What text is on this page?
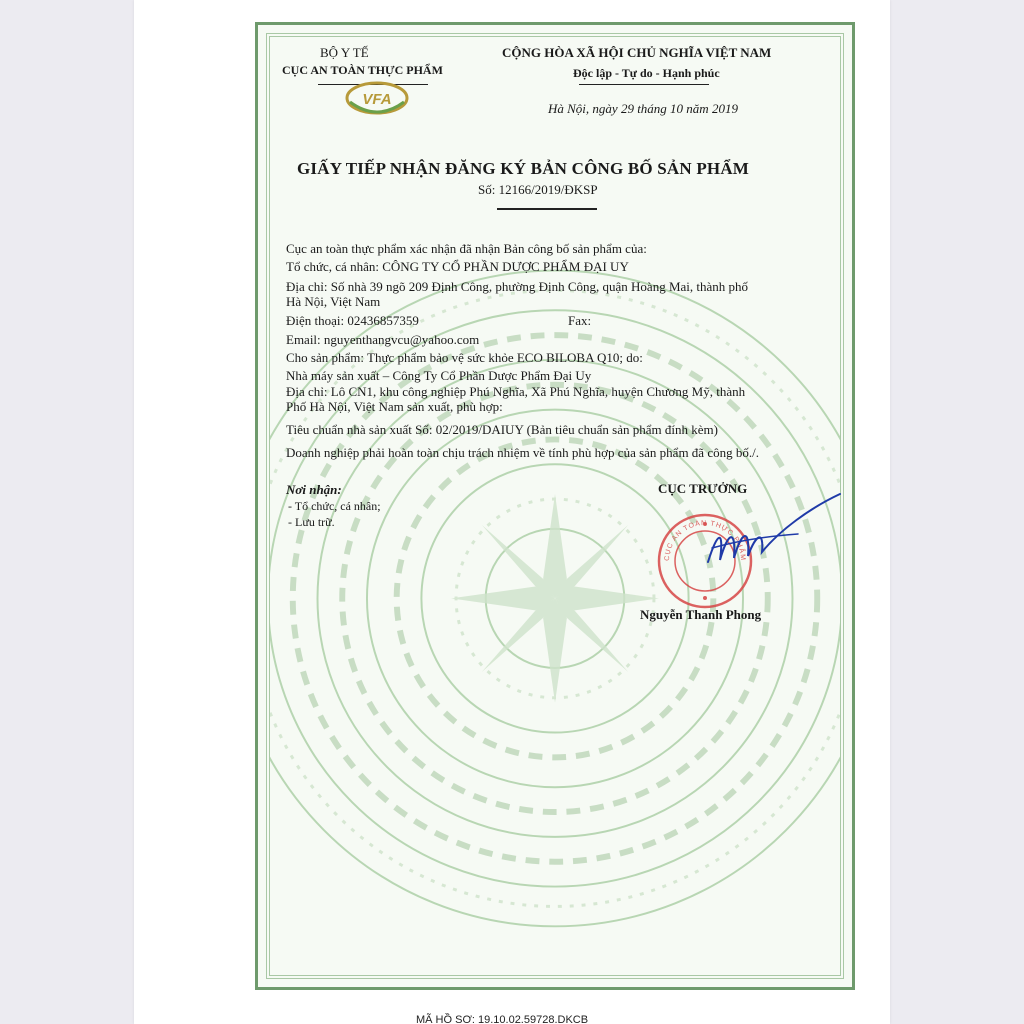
BỘ Y TẾ
CỤC AN TOÀN THỰC PHẨM
CỘNG HÒA XÃ HỘI CHỦ NGHĨA VIỆT NAM
Độc lập - Tự do - Hạnh phúc
Hà Nội, ngày 29 tháng 10 năm 2019
VFA
GIẤY TIẾP NHẬN ĐĂNG KÝ BẢN CÔNG BỐ SẢN PHẨM
Số: 12166/2019/ĐKSP
Cục an toàn thực phẩm xác nhận đã nhận Bản công bố sản phẩm của:
Tổ chức, cá nhân: CÔNG TY CỔ PHẦN DƯỢC PHẨM ĐẠI UY
Địa chỉ: Số nhà 39 ngõ 209 Định Công, phường Định Công, quận Hoàng Mai, thành phố
Hà Nội, Việt Nam
Điện thoại: 02436857359	Fax:
Email: nguyenthangvcu@yahoo.com
Cho sản phẩm: Thực phẩm bảo vệ sức khỏe ECO BILOBA Q10; do:
Nhà máy sản xuất – Công Ty Cổ Phần Dược Phẩm Đại Uy
Địa chỉ: Lô CN1, khu công nghiệp Phú Nghĩa, Xã Phú Nghĩa, huyện Chương Mỹ, thành
Phố Hà Nội, Việt Nam sản xuất, phù hợp:
Tiêu chuẩn nhà sản xuất Số: 02/2019/DAIUY (Bản tiêu chuẩn sản phẩm đính kèm)
Doanh nghiệp phải hoàn toàn chịu trách nhiệm về tính phù hợp của sản phẩm đã công bố./.
Nơi nhận:
- Tổ chức, cá nhân;
- Lưu trữ.
CỤC TRƯỞNG
CỤC AN TOÀN THỰC PHẨM
Nguyễn Thanh Phong
MÃ HỒ SƠ: 19.10.02.59728.DKCB
